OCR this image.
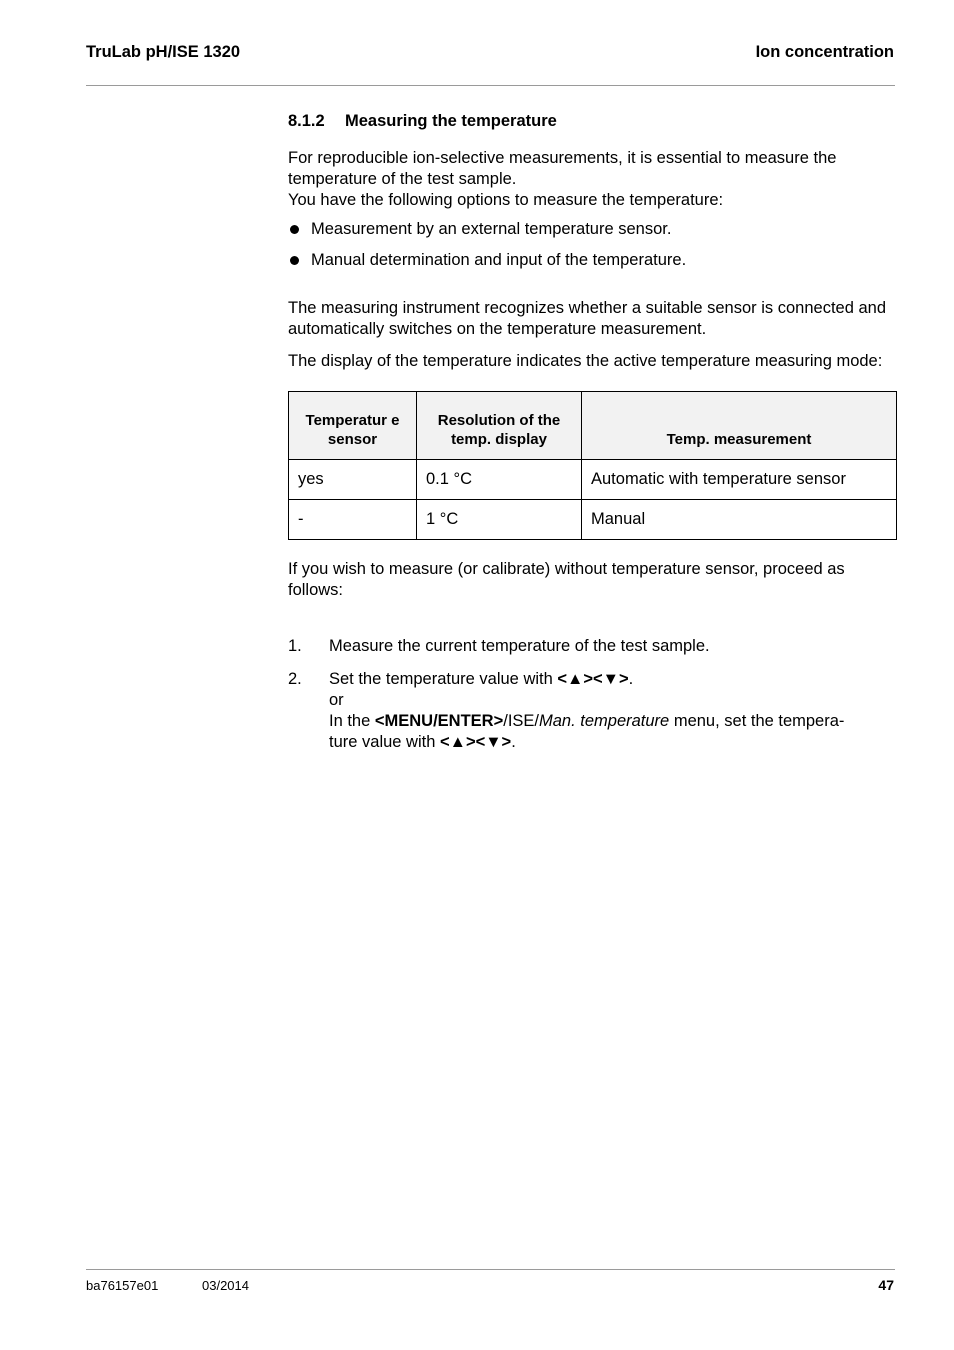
TruLab pH/ISE 1320	Ion concentration
8.1.2 Measuring the temperature

For reproducible ion-selective measurements, it is essential to measure the temperature of the test sample.

You have the following options to measure the temperature:

Measurement by an external temperature sensor.
Manual determination and input of the temperature.

The measuring instrument recognizes whether a suitable sensor is connected and automatically switches on the temperature measurement.

The display of the temperature indicates the active temperature measuring mode:

Temperatur e sensor	Resolution of the temp. display	Temp. measurement
yes	0.1 °C	Automatic with temperature sensor
-	1 °C	Manual

If you wish to measure (or calibrate) without temperature sensor, proceed as follows:

1. Measure the current temperature of the test sample.
2. Set the temperature value with <▲><▼>.
or
In the <MENU/ENTER>/ISE/Man. temperature menu, set the tempera-
ture value with <▲><▼>.
ba76157e01	03/2014	47
